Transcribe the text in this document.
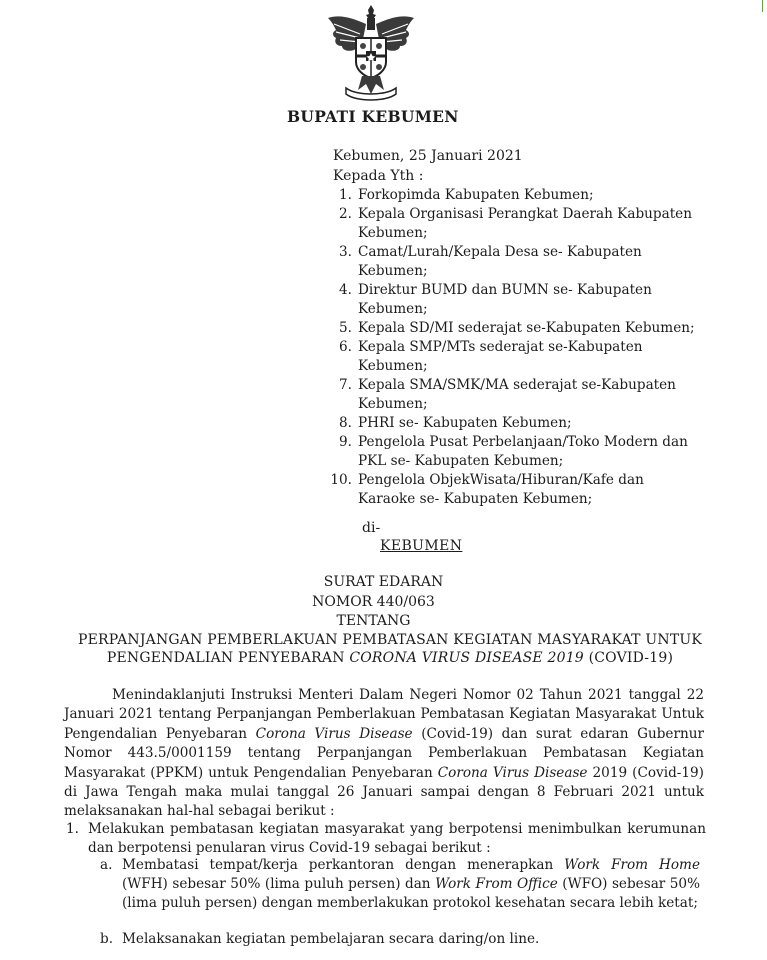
BUPATI KEBUMEN
Kebumen, 25 Januari 2021
Kepada Yth :
1. Forkopimda Kabupaten Kebumen;
2. Kepala Organisasi Perangkat Daerah Kabupaten Kebumen;
3. Camat/Lurah/Kepala Desa se- Kabupaten Kebumen;
4. Direktur BUMD dan BUMN se- Kabupaten Kebumen;
5. Kepala SD/MI sederajat se-Kabupaten Kebumen;
6. Kepala SMP/MTs sederajat se-Kabupaten Kebumen;
7. Kepala SMA/SMK/MA sederajat se-Kabupaten Kebumen;
8. PHRI se- Kabupaten Kebumen;
9. Pengelola Pusat Perbelanjaan/Toko Modern dan PKL se- Kabupaten Kebumen;
10. Pengelola ObjekWisata/Hiburan/Kafe dan Karaoke se- Kabupaten Kebumen;
di-
KEBUMEN
SURAT EDARAN
NOMOR 440/063
TENTANG
PERPANJANGAN PEMBERLAKUAN PEMBATASAN KEGIATAN MASYARAKAT UNTUK
PENGENDALIAN PENYEBARAN CORONA VIRUS DISEASE 2019 (COVID-19)

Menindaklanjuti Instruksi Menteri Dalam Negeri Nomor 02 Tahun 2021 tanggal 22 Januari 2021 tentang Perpanjangan Pemberlakuan Pembatasan Kegiatan Masyarakat Untuk Pengendalian Penyebaran Corona Virus Disease (Covid-19) dan surat edaran Gubernur Nomor 443.5/0001159 tentang Perpanjangan Pemberlakuan Pembatasan Kegiatan Masyarakat (PPKM) untuk Pengendalian Penyebaran Corona Virus Disease 2019 (Covid-19) di Jawa Tengah maka mulai tanggal 26 Januari sampai dengan 8 Februari 2021 untuk melaksanakan hal-hal sebagai berikut :

1. Melakukan pembatasan kegiatan masyarakat yang berpotensi menimbulkan kerumunan dan berpotensi penularan virus Covid-19 sebagai berikut :
a. Membatasi tempat/kerja perkantoran dengan menerapkan Work From Home (WFH) sebesar 50% (lima puluh persen) dan Work From Office (WFO) sebesar 50% (lima puluh persen) dengan memberlakukan protokol kesehatan secara lebih ketat;
b. Melaksanakan kegiatan pembelajaran secara daring/on line.
